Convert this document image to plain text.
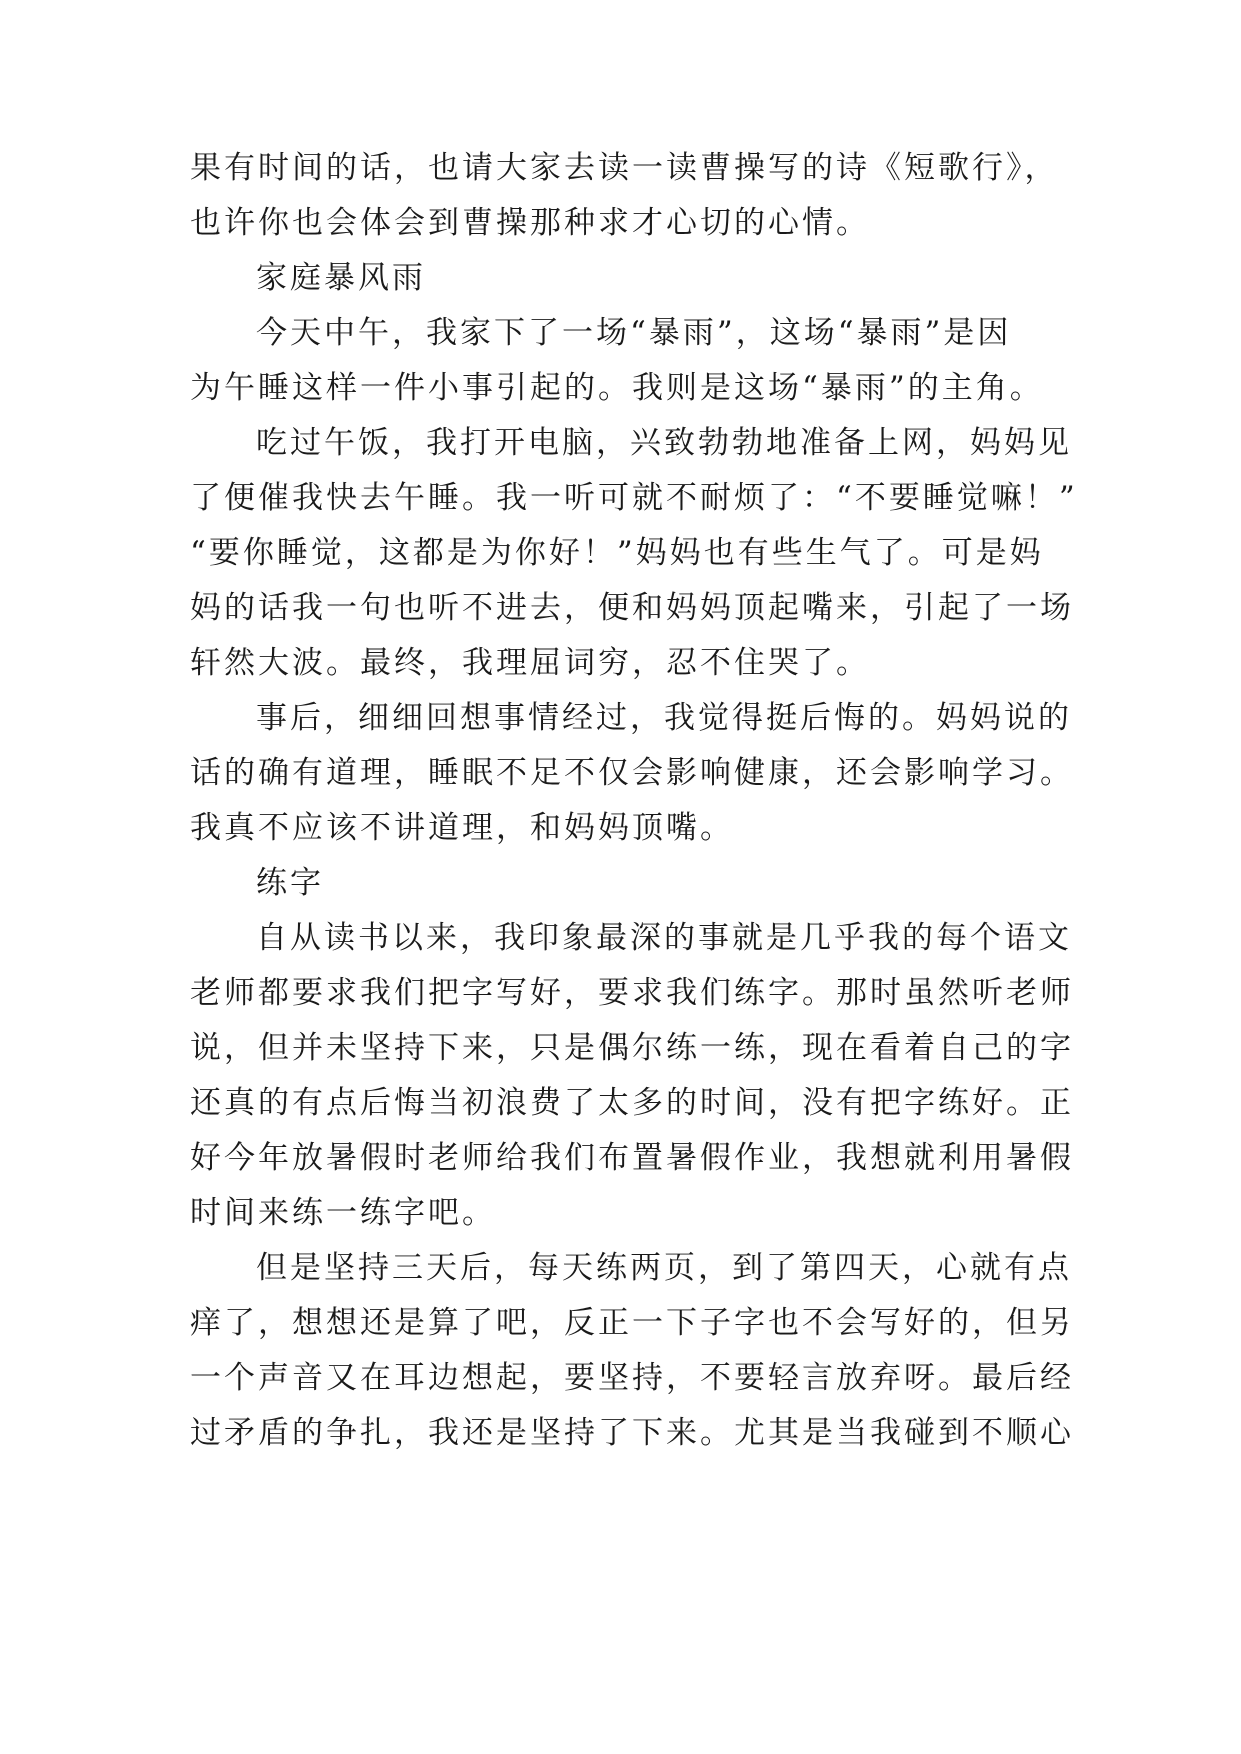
果有时间的话，也请大家去读一读曹操写的诗《短歌行》，
也许你也会体会到曹操那种求才心切的心情。
家庭暴风雨
今天中午，我家下了一场“暴雨”，这场“暴雨”是因
为午睡这样一件小事引起的。我则是这场“暴雨”的主角。
吃过午饭，我打开电脑，兴致勃勃地准备上网，妈妈见
了便催我快去午睡。我一听可就不耐烦了：“不要睡觉嘛！”
“要你睡觉，这都是为你好！”妈妈也有些生气了。可是妈
妈的话我一句也听不进去，便和妈妈顶起嘴来，引起了一场
轩然大波。最终，我理屈词穷，忍不住哭了。
事后，细细回想事情经过，我觉得挺后悔的。妈妈说的
话的确有道理，睡眠不足不仅会影响健康，还会影响学习。
我真不应该不讲道理，和妈妈顶嘴。
练字
自从读书以来，我印象最深的事就是几乎我的每个语文
老师都要求我们把字写好，要求我们练字。那时虽然听老师
说，但并未坚持下来，只是偶尔练一练，现在看着自己的字
还真的有点后悔当初浪费了太多的时间，没有把字练好。正
好今年放暑假时老师给我们布置暑假作业，我想就利用暑假
时间来练一练字吧。
但是坚持三天后，每天练两页，到了第四天，心就有点
痒了，想想还是算了吧，反正一下子字也不会写好的，但另
一个声音又在耳边想起，要坚持，不要轻言放弃呀。最后经
过矛盾的争扎，我还是坚持了下来。尤其是当我碰到不顺心
